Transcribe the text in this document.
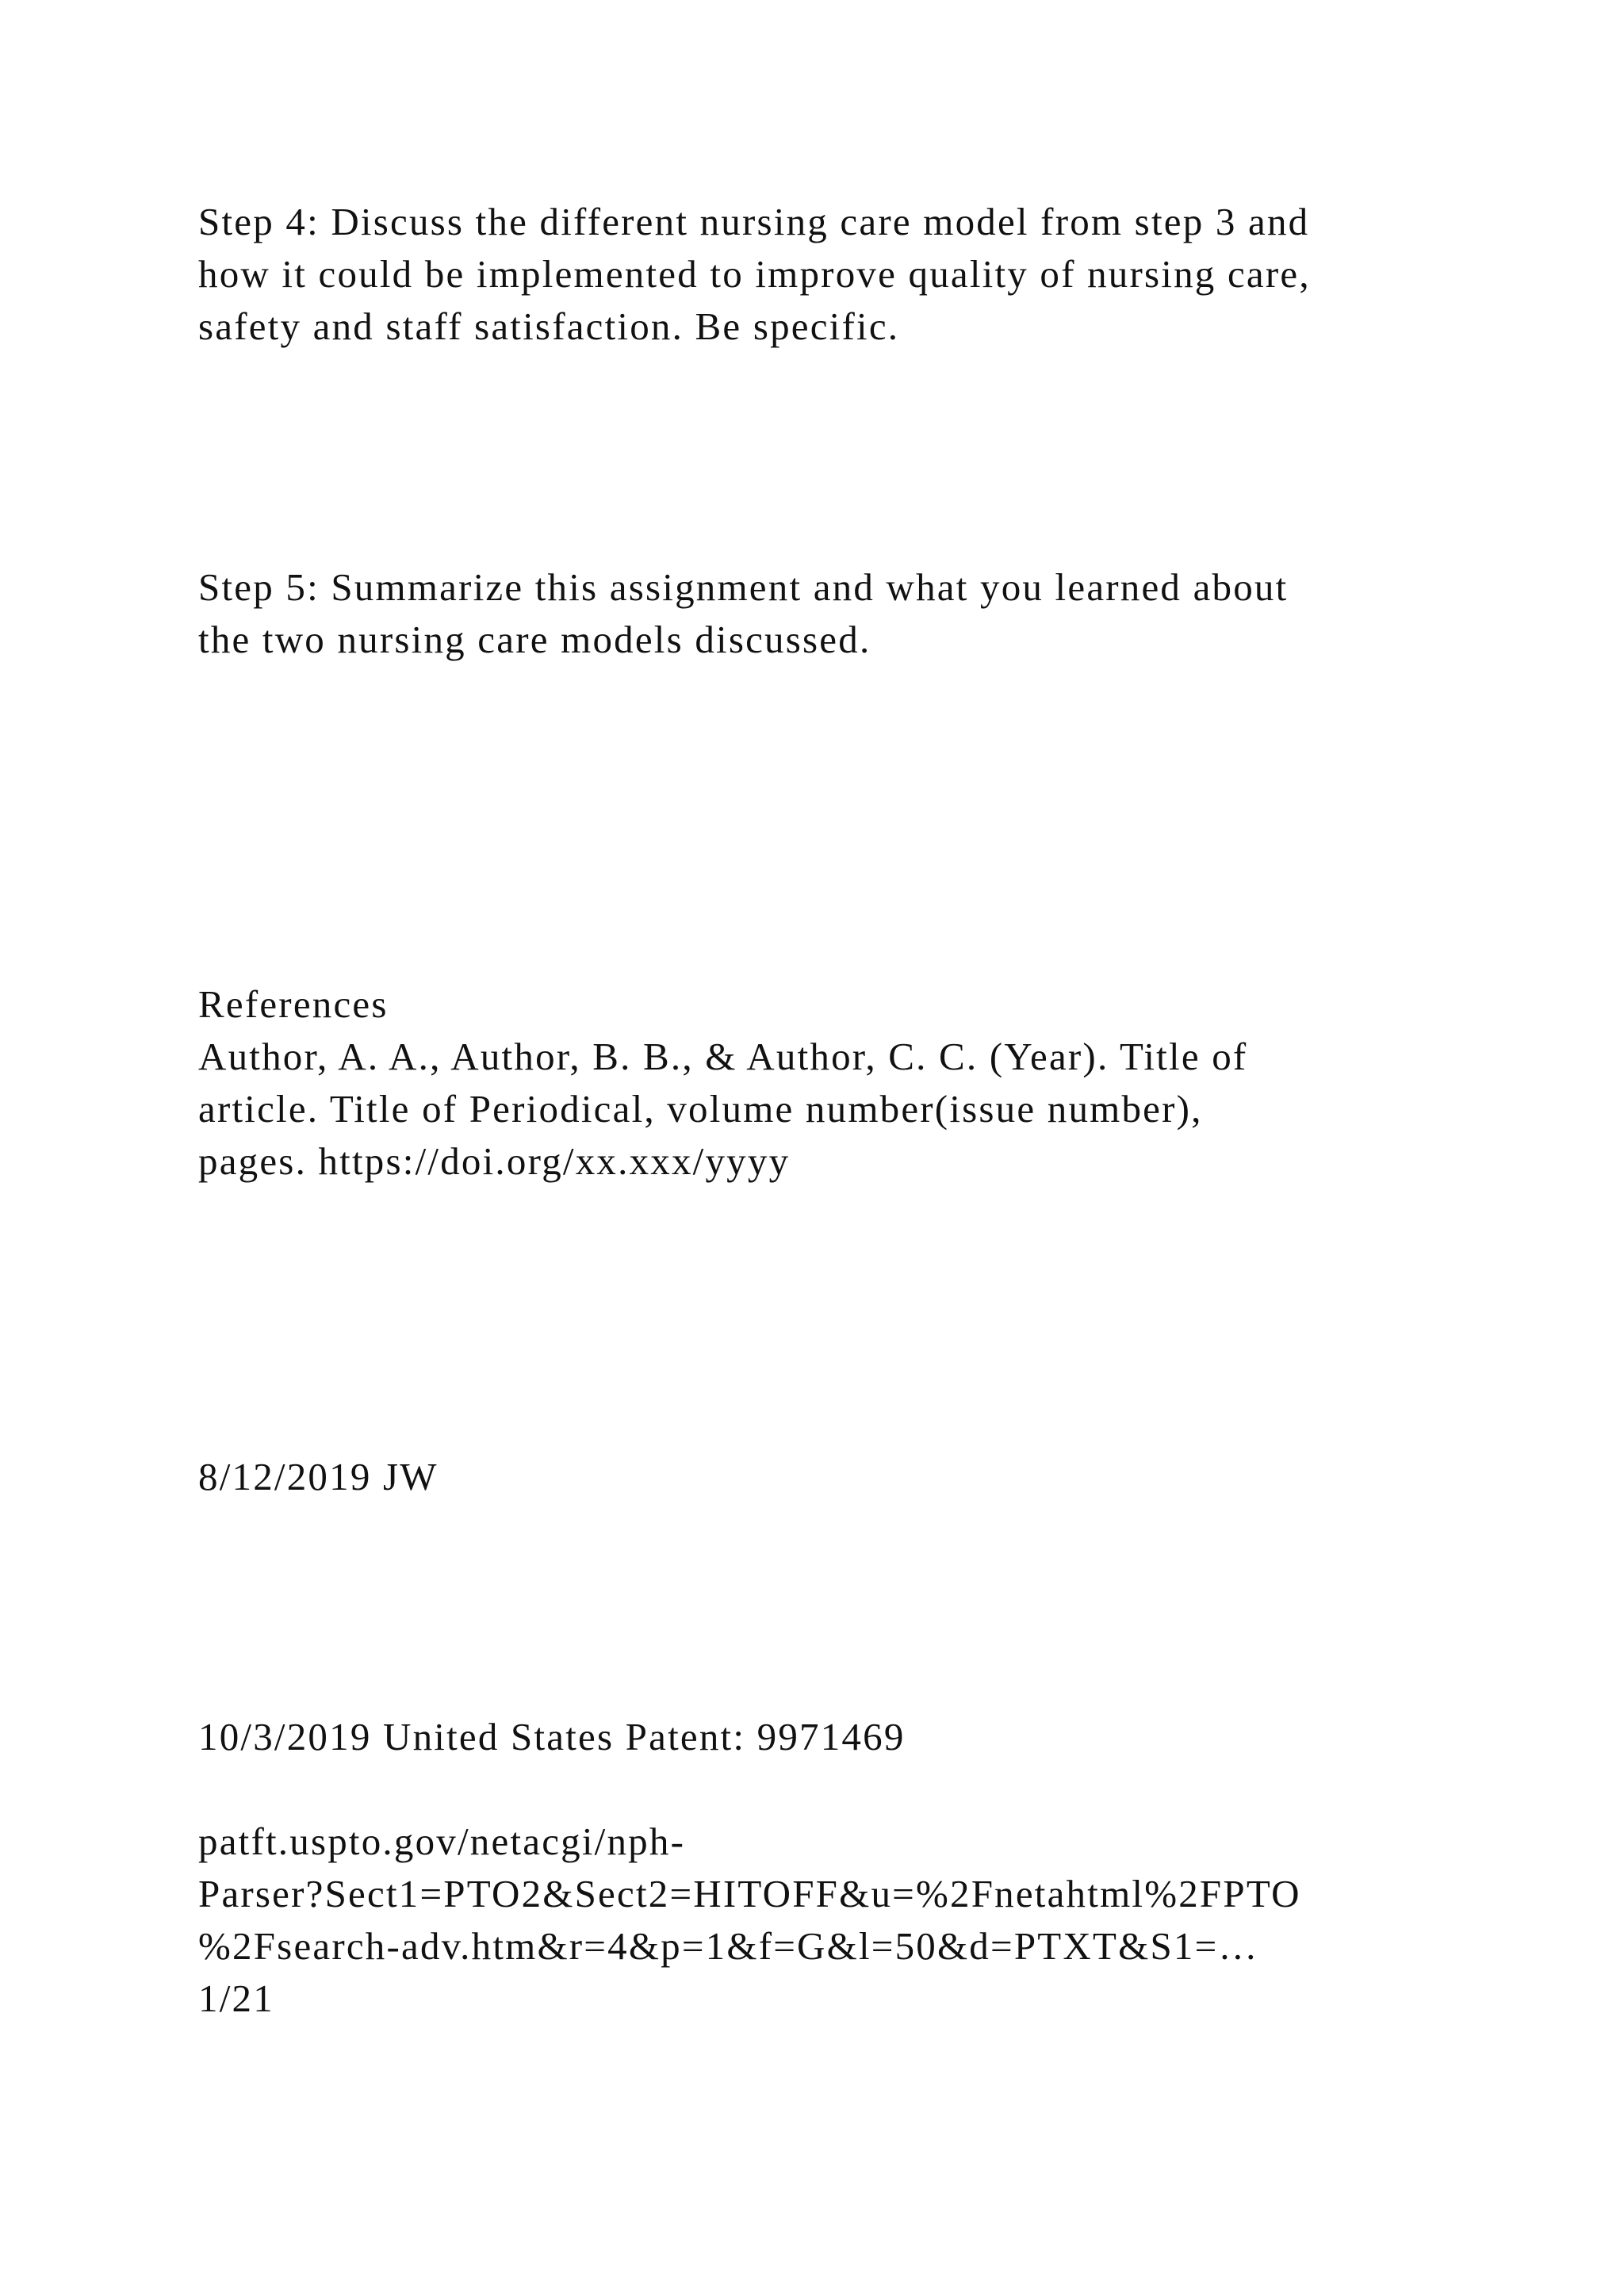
Step 4: Discuss the different nursing care model from step 3 and
how it could be implemented to improve quality of nursing care,
safety and staff satisfaction. Be specific.

Step 5: Summarize this assignment and what you learned about
the two nursing care models discussed.

References
Author, A. A., Author, B. B., & Author, C. C. (Year). Title of
article. Title of Periodical, volume number(issue number),
pages. https://doi.org/xx.xxx/yyyy

8/12/2019 JW

10/3/2019 United States Patent: 9971469

patft.uspto.gov/netacgi/nph-
Parser?Sect1=PTO2&Sect2=HITOFF&u=%2Fnetahtml%2FPTO
%2Fsearch-adv.htm&r=4&p=1&f=G&l=50&d=PTXT&S1=…
1/21
